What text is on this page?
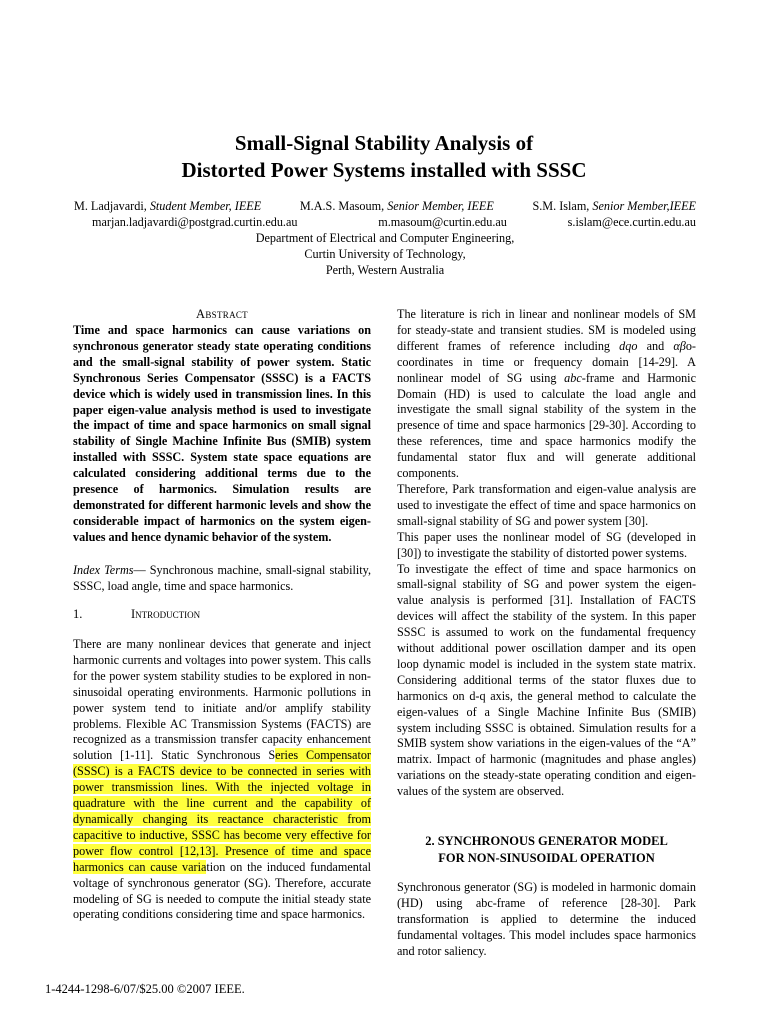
Small-Signal Stability Analysis of
Distorted Power Systems installed with SSSC
M. Ladjavardi, Student Member, IEEE	M.A.S. Masoum, Senior Member, IEEE	S.M. Islam, Senior Member,IEEE
marjan.ladjavardi@postgrad.curtin.edu.au	m.masoum@curtin.edu.au	s.islam@ece.curtin.edu.au
Department of Electrical and Computer Engineering,
Curtin University of Technology,
Perth, Western Australia
Abstract
Time and space harmonics can cause variations on synchronous generator steady state operating conditions and the small-signal stability of power system. Static Synchronous Series Compensator (SSSC) is a FACTS device which is widely used in transmission lines. In this paper eigen-value analysis method is used to investigate the impact of time and space harmonics on small signal stability of Single Machine Infinite Bus (SMIB) system installed with SSSC. System state space equations are calculated considering additional terms due to the presence of harmonics. Simulation results are demonstrated for different harmonic levels and show the considerable impact of harmonics on the system eigen-values and hence dynamic behavior of the system.
Index Terms— Synchronous machine, small-signal stability, SSSC, load angle, time and space harmonics.
1.	Introduction
There are many nonlinear devices that generate and inject harmonic currents and voltages into power system. This calls for the power system stability studies to be explored in non-sinusoidal operating environments. Harmonic pollutions in power system tend to initiate and/or amplify stability problems. Flexible AC Transmission Systems (FACTS) are recognized as a transmission transfer capacity enhancement solution [1-11]. Static Synchronous Series Compensator (SSSC) is a FACTS device to be connected in series with power transmission lines. With the injected voltage in quadrature with the line current and the capability of dynamically changing its reactance characteristic from capacitive to inductive, SSSC has become very effective for power flow control [12,13]. Presence of time and space harmonics can cause variation on the induced fundamental voltage of synchronous generator (SG). Therefore, accurate modeling of SG is needed to compute the initial steady state operating conditions considering time and space harmonics.

The literature is rich in linear and nonlinear models of SM for steady-state and transient studies. SM is modeled using different frames of reference including dqo and αβo-coordinates in time or frequency domain [14-29]. A nonlinear model of SG using abc-frame and Harmonic Domain (HD) is used to calculate the load angle and investigate the small signal stability of the system in the presence of time and space harmonics [29-30]. According to these references, time and space harmonics modify the fundamental stator flux and will generate additional components.

Therefore, Park transformation and eigen-value analysis are used to investigate the effect of time and space harmonics on small-signal stability of SG and power system [30].

This paper uses the nonlinear model of SG (developed in [30]) to investigate the stability of distorted power systems.

To investigate the effect of time and space harmonics on small-signal stability of SG and power system the eigen-value analysis is performed [31]. Installation of FACTS devices will affect the stability of the system. In this paper SSSC is assumed to work on the fundamental frequency without additional power oscillation damper and its open loop dynamic model is included in the system state matrix. Considering additional terms of the stator fluxes due to harmonics on d-q axis, the general method to calculate the eigen-values of a Single Machine Infinite Bus (SMIB) system including SSSC is obtained. Simulation results for a SMIB system show variations in the eigen-values of the “A” matrix. Impact of harmonic (magnitudes and phase angles) variations on the steady-state operating condition and eigen-values of the system are observed.

2. SYNCHRONOUS GENERATOR MODEL
FOR NON-SINUSOIDAL OPERATION
Synchronous generator (SG) is modeled in harmonic domain (HD) using abc-frame of reference [28-30]. Park transformation is applied to determine the induced fundamental voltages. This model includes space harmonics and rotor saliency.
1-4244-1298-6/07/$25.00 ©2007 IEEE.
